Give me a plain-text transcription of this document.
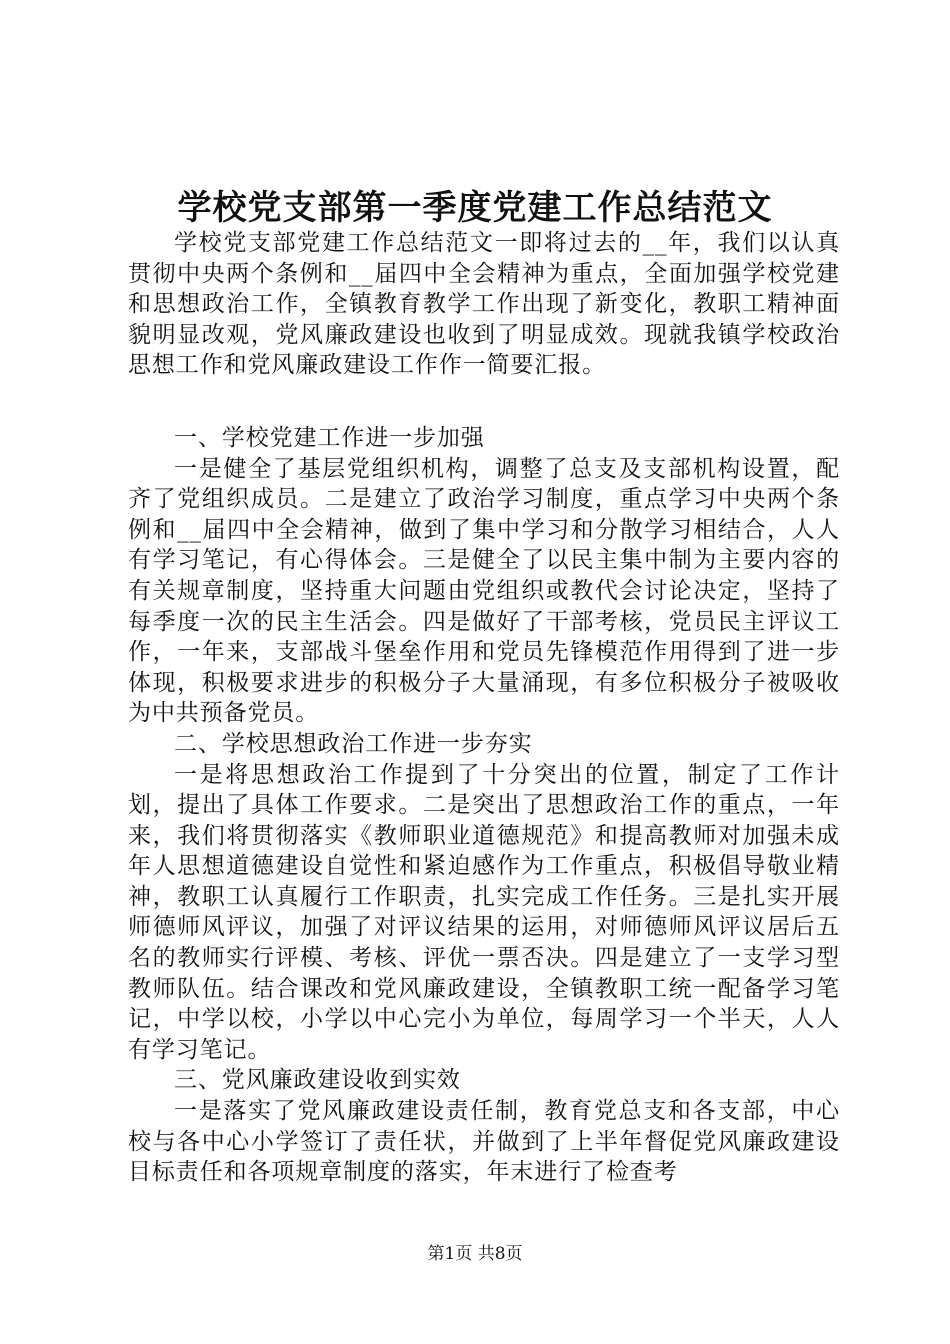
学校党支部第一季度党建工作总结范文

学校党支部党建工作总结范文一即将过去的__年，我们以认真贯彻中央两个条例和__届四中全会精神为重点，全面加强学校党建和思想政治工作，全镇教育教学工作出现了新变化，教职工精神面貌明显改观，党风廉政建设也收到了明显成效。现就我镇学校政治思想工作和党风廉政建设工作作一简要汇报。

一、学校党建工作进一步加强

一是健全了基层党组织机构，调整了总支及支部机构设置，配齐了党组织成员。二是建立了政治学习制度，重点学习中央两个条例和__届四中全会精神，做到了集中学习和分散学习相结合，人人有学习笔记，有心得体会。三是健全了以民主集中制为主要内容的有关规章制度，坚持重大问题由党组织或教代会讨论决定，坚持了每季度一次的民主生活会。四是做好了干部考核，党员民主评议工作，一年来，支部战斗堡垒作用和党员先锋模范作用得到了进一步体现，积极要求进步的积极分子大量涌现，有多位积极分子被吸收为中共预备党员。

二、学校思想政治工作进一步夯实

一是将思想政治工作提到了十分突出的位置，制定了工作计划，提出了具体工作要求。二是突出了思想政治工作的重点，一年来，我们将贯彻落实《教师职业道德规范》和提高教师对加强未成年人思想道德建设自觉性和紧迫感作为工作重点，积极倡导敬业精神，教职工认真履行工作职责，扎实完成工作任务。三是扎实开展师德师风评议，加强了对评议结果的运用，对师德师风评议居后五名的教师实行评模、考核、评优一票否决。四是建立了一支学习型教师队伍。结合课改和党风廉政建设，全镇教职工统一配备学习笔记，中学以校，小学以中心完小为单位，每周学习一个半天，人人有学习笔记。

三、党风廉政建设收到实效

一是落实了党风廉政建设责任制，教育党总支和各支部，中心校与各中心小学签订了责任状，并做到了上半年督促党风廉政建设目标责任和各项规章制度的落实，年末进行了检查考

第1页 共8页
